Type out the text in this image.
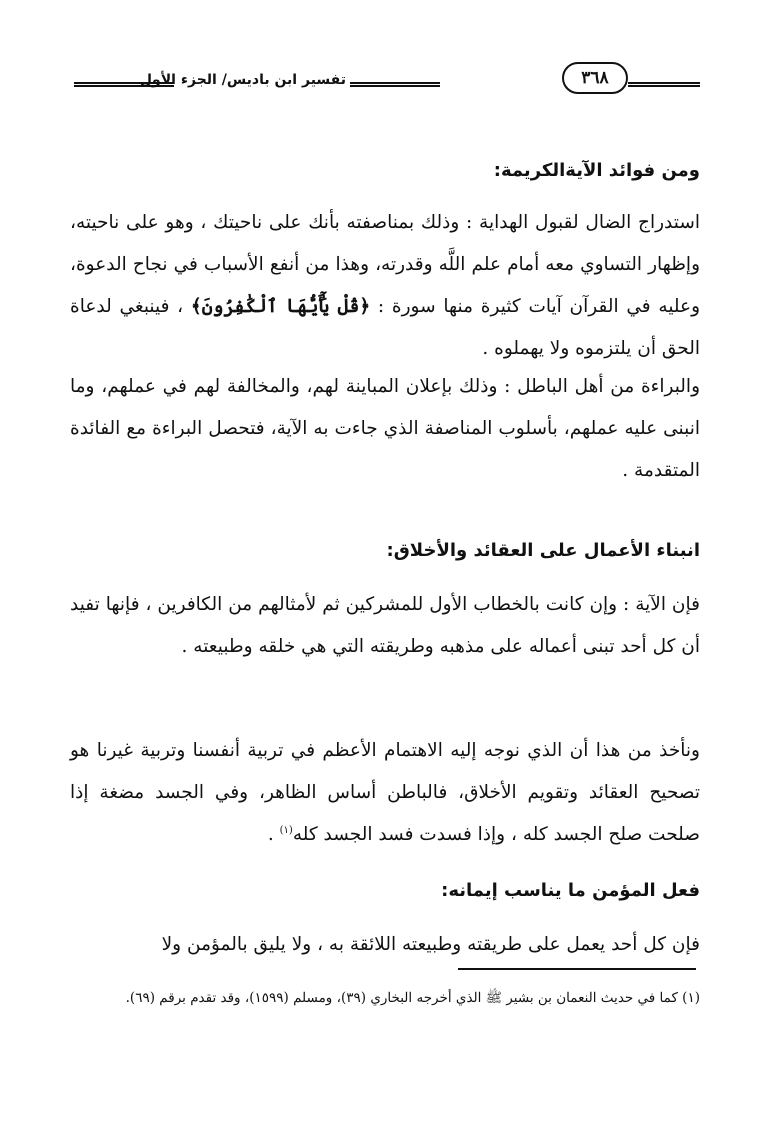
تفسير ابن باديس/ الجزء الأول	٣٦٨
ومن فوائد الآيةالكريمة:

استدراج الضال لقبول الهداية : وذلك بمناصفته بأنك على ناحيتك ، وهو على ناحيته، وإظهار التساوي معه أمام علم اللَّه وقدرته، وهذا من أنفع الأسباب في نجاح الدعوة، وعليه في القرآن آيات كثيرة منها سورة : ﴿قُلْ يَٰٓأَيُّهَا ٱلْكَٰفِرُونَ﴾ ، فينبغي لدعاة الحق أن يلتزموه ولا يهملوه .

والبراءة من أهل الباطل : وذلك بإعلان المباينة لهم، والمخالفة لهم في عملهم، وما انبنى عليه عملهم، بأسلوب المناصفة الذي جاءت به الآية، فتحصل البراءة مع الفائدة المتقدمة .

انبناء الأعمال على العقائد والأخلاق:

فإن الآية : وإن كانت بالخطاب الأول للمشركين ثم لأمثالهم من الكافرين ، فإنها تفيد أن كل أحد تبنى أعماله على مذهبه وطريقته التي هي خلقه وطبيعته .

ونأخذ من هذا أن الذي نوجه إليه الاهتمام الأعظم في تربية أنفسنا وتربية غيرنا هو تصحيح العقائد وتقويم الأخلاق، فالباطن أساس الظاهر، وفي الجسد مضغة إذا صلحت صلح الجسد كله ، وإذا فسدت فسد الجسد كله$^{(١)}$ .

فعل المؤمن ما يناسب إيمانه:

فإن كل أحد يعمل على طريقته وطبيعته اللائقة به ، ولا يليق بالمؤمن ولا

(١) كما في حديث النعمان بن بشير ﷺ الذي أخرجه البخاري (٣٩)، ومسلم (١٥٩٩)، وقد تقدم برقم (٦٩).
